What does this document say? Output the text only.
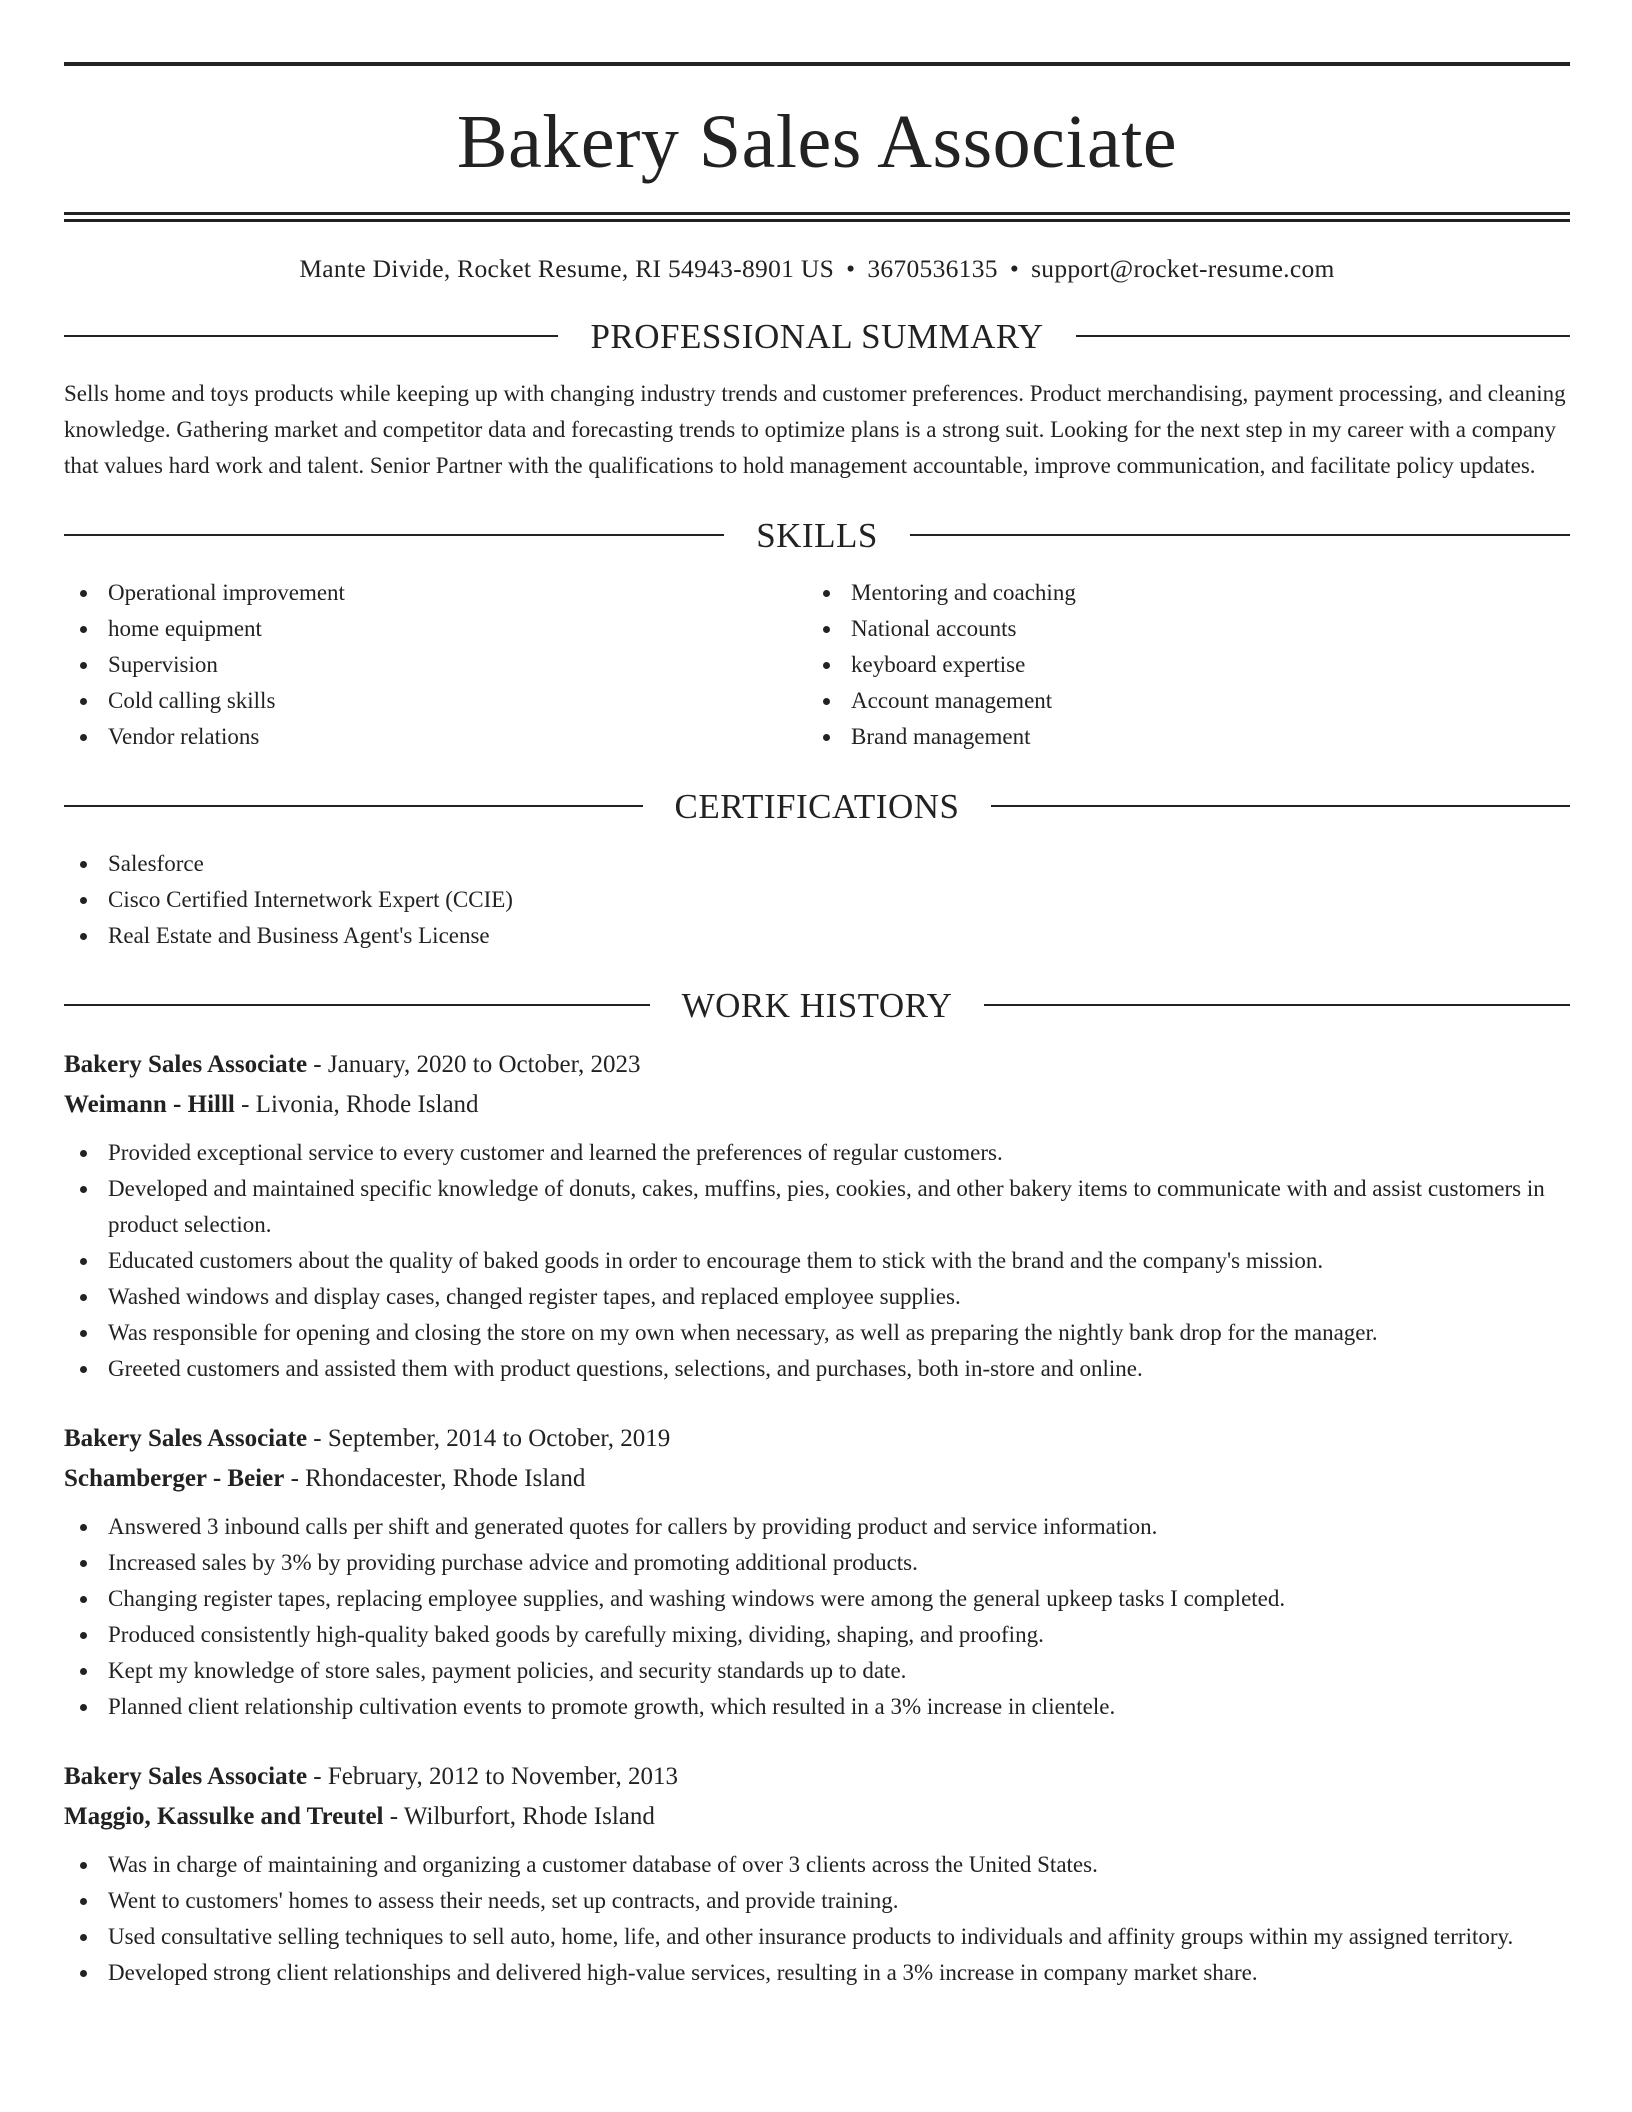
Bakery Sales Associate
Mante Divide, Rocket Resume, RI 54943-8901 US • 3670536135 • support@rocket-resume.com
PROFESSIONAL SUMMARY

Sells home and toys products while keeping up with changing industry trends and customer preferences. Product merchandising, payment processing, and cleaning knowledge. Gathering market and competitor data and forecasting trends to optimize plans is a strong suit. Looking for the next step in my career with a company that values hard work and talent. Senior Partner with the qualifications to hold management accountable, improve communication, and facilitate policy updates.

SKILLS
Operational improvement
home equipment
Supervision
Cold calling skills
Vendor relations
Mentoring and coaching
National accounts
keyboard expertise
Account management
Brand management
CERTIFICATIONS
Salesforce
Cisco Certified Internetwork Expert (CCIE)
Real Estate and Business Agent's License
WORK HISTORY
Bakery Sales Associate - January, 2020 to October, 2023
Weimann - Hilll - Livonia, Rhode Island
Provided exceptional service to every customer and learned the preferences of regular customers.
Developed and maintained specific knowledge of donuts, cakes, muffins, pies, cookies, and other bakery items to communicate with and assist customers in product selection.
Educated customers about the quality of baked goods in order to encourage them to stick with the brand and the company's mission.
Washed windows and display cases, changed register tapes, and replaced employee supplies.
Was responsible for opening and closing the store on my own when necessary, as well as preparing the nightly bank drop for the manager.
Greeted customers and assisted them with product questions, selections, and purchases, both in-store and online.
Bakery Sales Associate - September, 2014 to October, 2019
Schamberger - Beier - Rhondacester, Rhode Island
Answered 3 inbound calls per shift and generated quotes for callers by providing product and service information.
Increased sales by 3% by providing purchase advice and promoting additional products.
Changing register tapes, replacing employee supplies, and washing windows were among the general upkeep tasks I completed.
Produced consistently high-quality baked goods by carefully mixing, dividing, shaping, and proofing.
Kept my knowledge of store sales, payment policies, and security standards up to date.
Planned client relationship cultivation events to promote growth, which resulted in a 3% increase in clientele.
Bakery Sales Associate - February, 2012 to November, 2013
Maggio, Kassulke and Treutel - Wilburfort, Rhode Island
Was in charge of maintaining and organizing a customer database of over 3 clients across the United States.
Went to customers' homes to assess their needs, set up contracts, and provide training.
Used consultative selling techniques to sell auto, home, life, and other insurance products to individuals and affinity groups within my assigned territory.
Developed strong client relationships and delivered high-value services, resulting in a 3% increase in company market share.
